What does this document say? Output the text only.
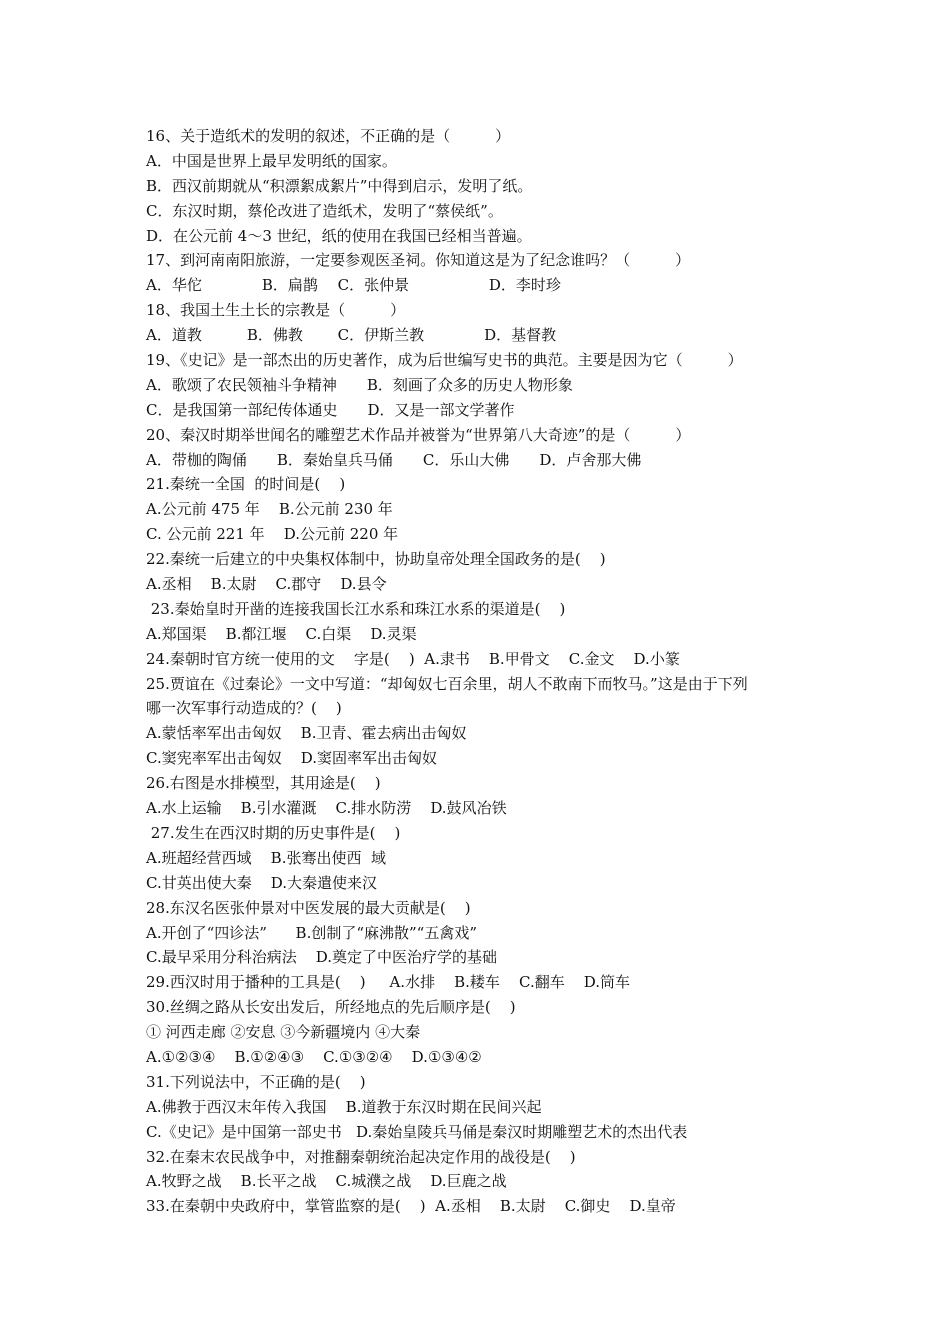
16、关于造纸术的发明的叙述，不正确的是（　　　）
A．中国是世界上最早发明纸的国家。
B．西汉前期就从“积漂絮成絮片”中得到启示，发明了纸。
C．东汉时期，蔡伦改进了造纸术，发明了“蔡侯纸”。
D．在公元前 4～3 世纪，纸的使用在我国已经相当普遍。
17、到河南南阳旅游，一定要参观医圣祠。你知道这是为了纪念谁吗？（　　　）
A．华佗　　　　B．扁鹊　 C．张仲景　　　　　 D．李时珍
18、我国土生土长的宗教是（　　　）
A．道教　　　B．佛教　　 C．伊斯兰教　　　　D．基督教
19、《史记》是一部杰出的历史著作，成为后世编写史书的典范。主要是因为它（　　　）
A．歌颂了农民领袖斗争精神　　B．刻画了众多的历史人物形象
C．是我国第一部纪传体通史　　D．又是一部文学著作
20、秦汉时期举世闻名的雕塑艺术作品并被誉为“世界第八大奇迹”的是（　　　）
A．带枷的陶俑　　B．秦始皇兵马俑　　C．乐山大佛　　D．卢舍那大佛
21.秦统一全国  的时间是(    )
A.公元前 475 年    B.公元前 230 年
C. 公元前 221 年    D.公元前 220 年
22.秦统一后建立的中央集权体制中，协助皇帝处理全国政务的是(    )
A.丞相    B.太尉    C.郡守    D.县令
23.秦始皇时开凿的连接我国长江水系和珠江水系的渠道是(    )
A.郑国渠    B.都江堰    C.白渠    D.灵渠
24.秦朝时官方统一使用的文    字是(    )  A.隶书    B.甲骨文    C.金文    D.小篆
25.贾谊在《过秦论》一文中写道：“却匈奴七百余里，胡人不敢南下而牧马。”这是由于下列
哪一次军事行动造成的？(    )
A.蒙恬率军出击匈奴    B.卫青、霍去病出击匈奴
C.窦宪率军出击匈奴    D.窦固率军出击匈奴
26.右图是水排模型，其用途是(    )
A.水上运输    B.引水灌溉    C.排水防涝    D.鼓风冶铁
27.发生在西汉时期的历史事件是(    )
A.班超经营西域    B.张骞出使西  域
C.甘英出使大秦    D.大秦遣使来汉
28.东汉名医张仲景对中医发展的最大贡献是(    )
A.开创了“四诊法”      B.创制了“麻沸散”“五禽戏”
C.最早采用分科治病法    D.奠定了中医治疗学的基础
29.西汉时用于播种的工具是(    )     A.水排    B.耧车    C.翻车    D.筒车
30.丝绸之路从长安出发后，所经地点的先后顺序是(    )
① 河西走廊 ②安息 ③今新疆境内 ④大秦
A.①②③④    B.①②④③    C.①③②④    D.①③④②
31.下列说法中，不正确的是(    )
A.佛教于西汉末年传入我国    B.道教于东汉时期在民间兴起
C.《史记》是中国第一部史书   D.秦始皇陵兵马俑是秦汉时期雕塑艺术的杰出代表
32.在秦末农民战争中，对推翻秦朝统治起决定作用的战役是(    )
A.牧野之战    B.长平之战    C.城濮之战    D.巨鹿之战
33.在秦朝中央政府中，掌管监察的是(    )  A.丞相    B.太尉    C.御史    D.皇帝
